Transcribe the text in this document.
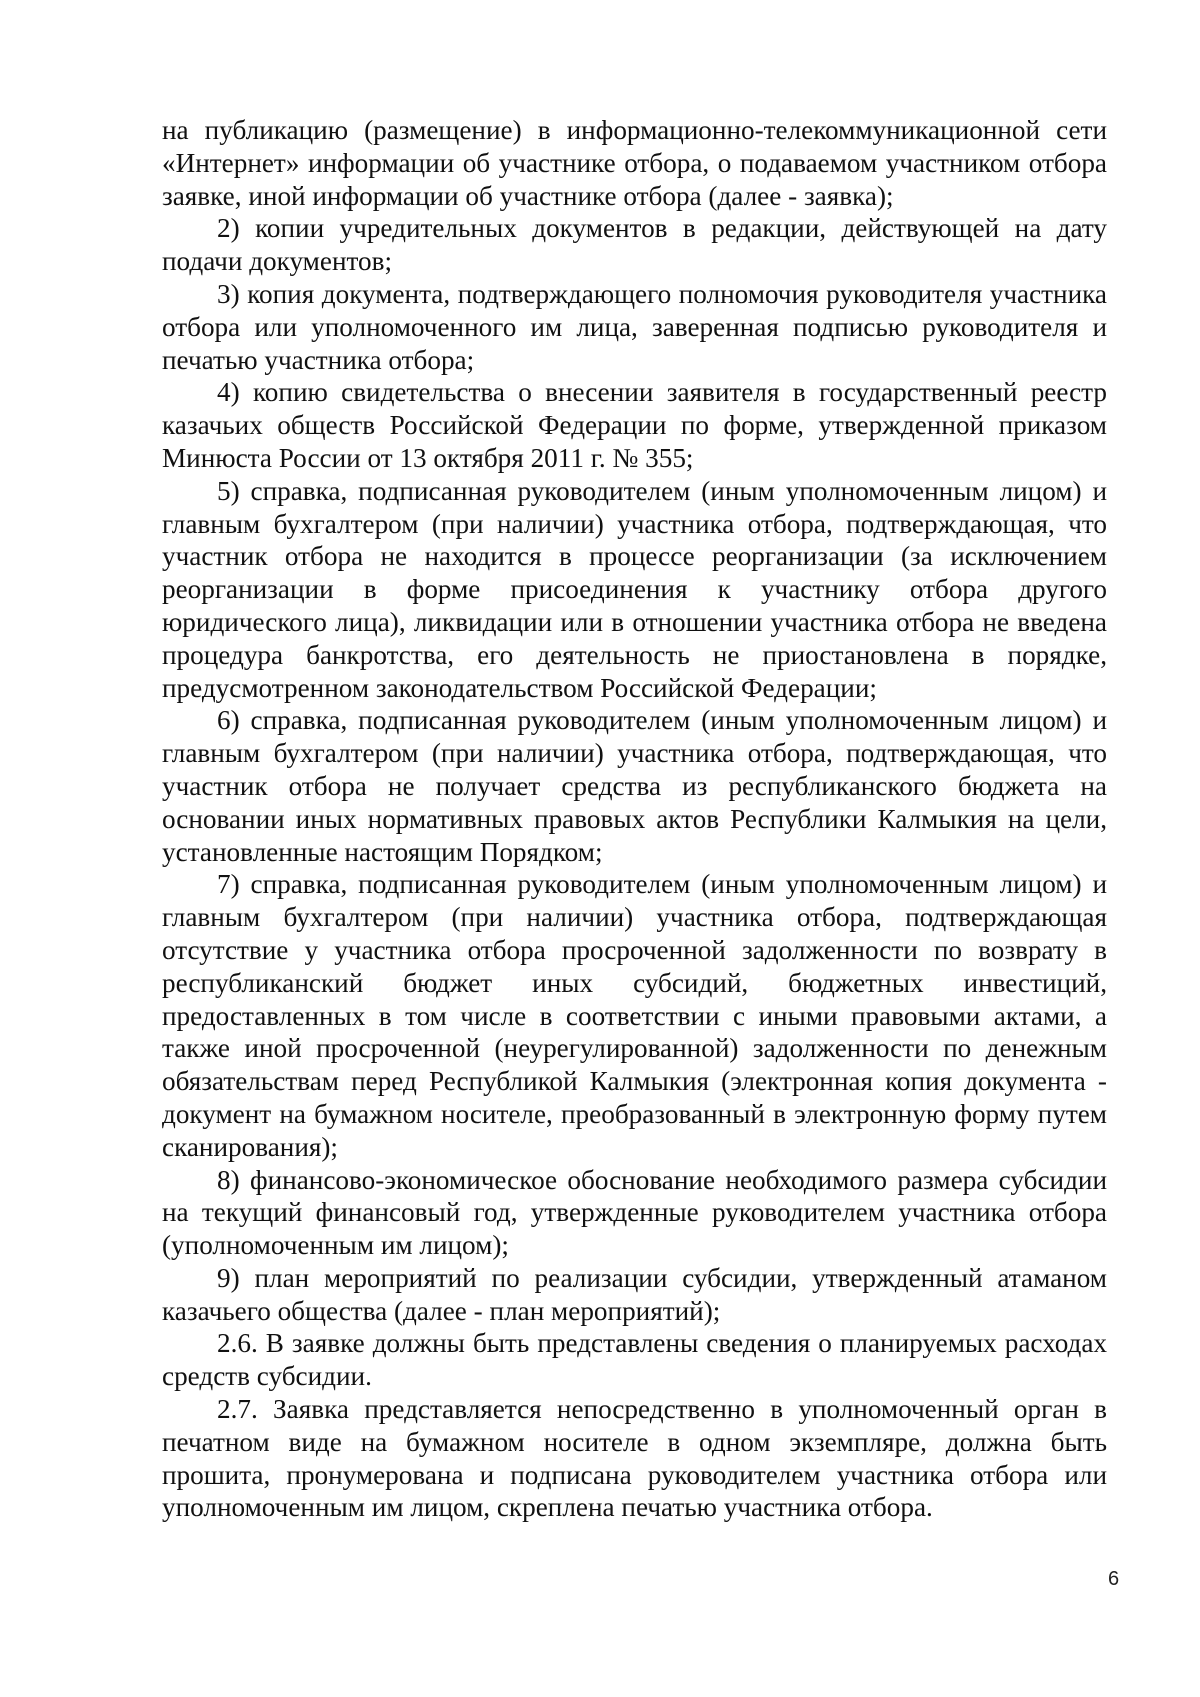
на публикацию (размещение) в информационно-телекоммуникационной сети «Интернет» информации об участнике отбора, о подаваемом участником отбора заявке, иной информации об участнике отбора (далее - заявка);

2) копии учредительных документов в редакции, действующей на дату подачи документов;

3) копия документа, подтверждающего полномочия руководителя участника отбора или уполномоченного им лица, заверенная подписью руководителя и печатью участника отбора;

4) копию свидетельства о внесении заявителя в государственный реестр казачьих обществ Российской Федерации по форме, утвержденной приказом Минюста России от 13 октября 2011 г. № 355;

5) справка, подписанная руководителем (иным уполномоченным лицом) и главным бухгалтером (при наличии) участника отбора, подтверждающая, что участник отбора не находится в процессе реорганизации (за исключением реорганизации в форме присоединения к участнику отбора другого юридического лица), ликвидации или в отношении участника отбора не введена процедура банкротства, его деятельность не приостановлена в порядке, предусмотренном законодательством Российской Федерации;

6) справка, подписанная руководителем (иным уполномоченным лицом) и главным бухгалтером (при наличии) участника отбора, подтверждающая, что участник отбора не получает средства из республиканского бюджета на основании иных нормативных правовых актов Республики Калмыкия на цели, установленные настоящим Порядком;

7) справка, подписанная руководителем (иным уполномоченным лицом) и главным бухгалтером (при наличии) участника отбора, подтверждающая отсутствие у участника отбора просроченной задолженности по возврату в республиканский бюджет иных субсидий, бюджетных инвестиций, предоставленных в том числе в соответствии с иными правовыми актами, а также иной просроченной (неурегулированной) задолженности по денежным обязательствам перед Республикой Калмыкия (электронная копия документа - документ на бумажном носителе, преобразованный в электронную форму путем сканирования);

8) финансово-экономическое обоснование необходимого размера субсидии на текущий финансовый год, утвержденные руководителем участника отбора (уполномоченным им лицом);

9) план мероприятий по реализации субсидии, утвержденный атаманом казачьего общества (далее - план мероприятий);

2.6. В заявке должны быть представлены сведения о планируемых расходах средств субсидии.

2.7. Заявка представляется непосредственно в уполномоченный орган в печатном виде на бумажном носителе в одном экземпляре, должна быть прошита, пронумерована и подписана руководителем участника отбора или уполномоченным им лицом, скреплена печатью участника отбора.

6
